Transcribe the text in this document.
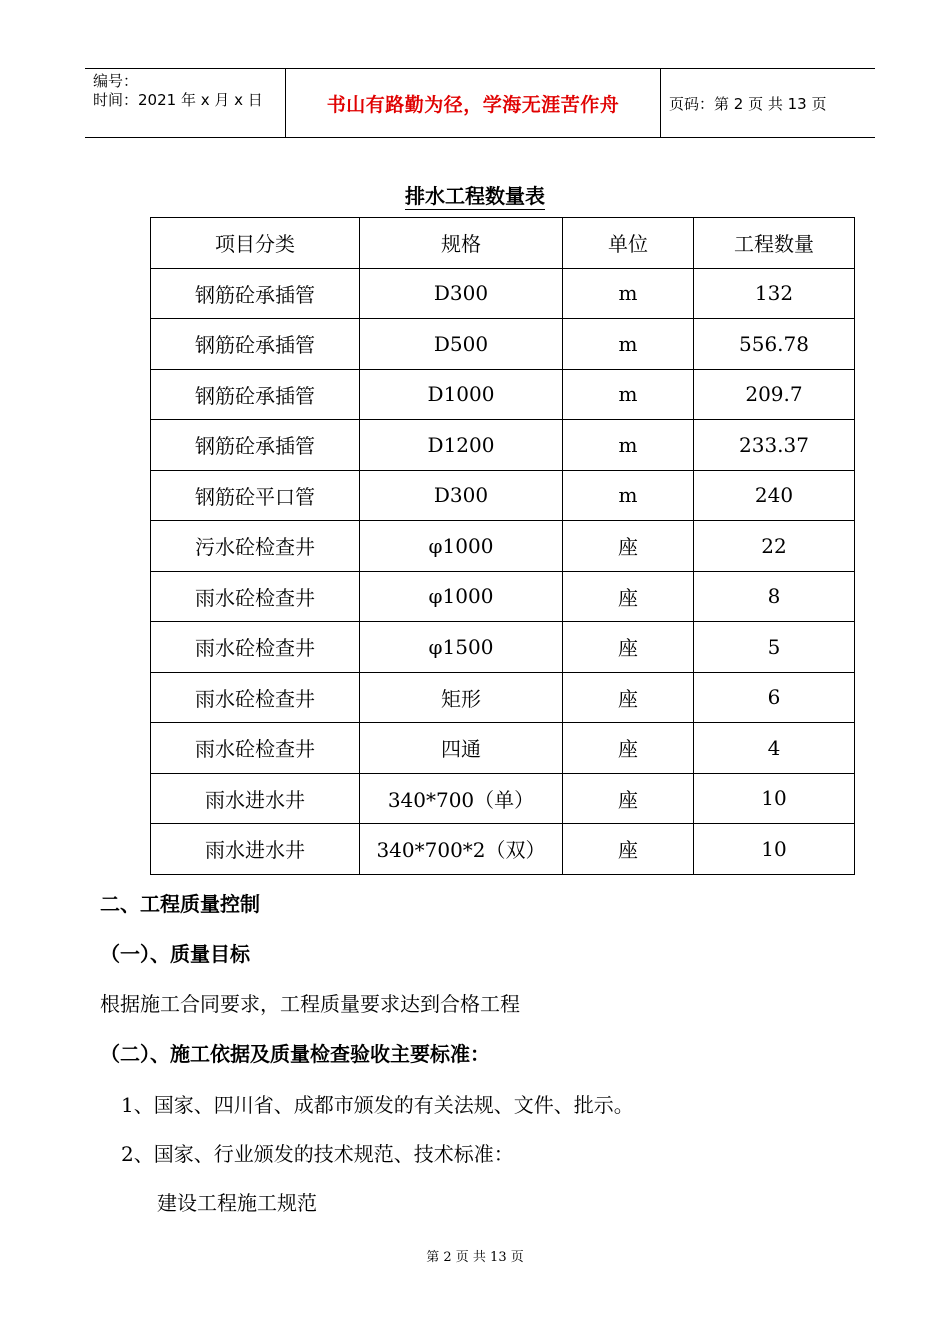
编号：
时间：2021 年 x 月 x 日	书山有路勤为径，学海无涯苦作舟	页码：第 2 页 共 13 页
排水工程数量表
项目分类	规格	单位	工程数量
钢筋砼承插管	D300	m	132
钢筋砼承插管	D500	m	556.78
钢筋砼承插管	D1000	m	209.7
钢筋砼承插管	D1200	m	233.37
钢筋砼平口管	D300	m	240
污水砼检查井	φ1000	座	22
雨水砼检查井	φ1000	座	8
雨水砼检查井	φ1500	座	5
雨水砼检查井	矩形	座	6
雨水砼检查井	四通	座	4
雨水进水井	340*700（单）	座	10
雨水进水井	340*700*2（双）	座	10
二、工程质量控制
（一）、质量目标
根据施工合同要求，工程质量要求达到合格工程
（二）、施工依据及质量检查验收主要标准：
1、国家、四川省、成都市颁发的有关法规、文件、批示。
2、国家、行业颁发的技术规范、技术标准：
建设工程施工规范
第 2 页 共 13 页
